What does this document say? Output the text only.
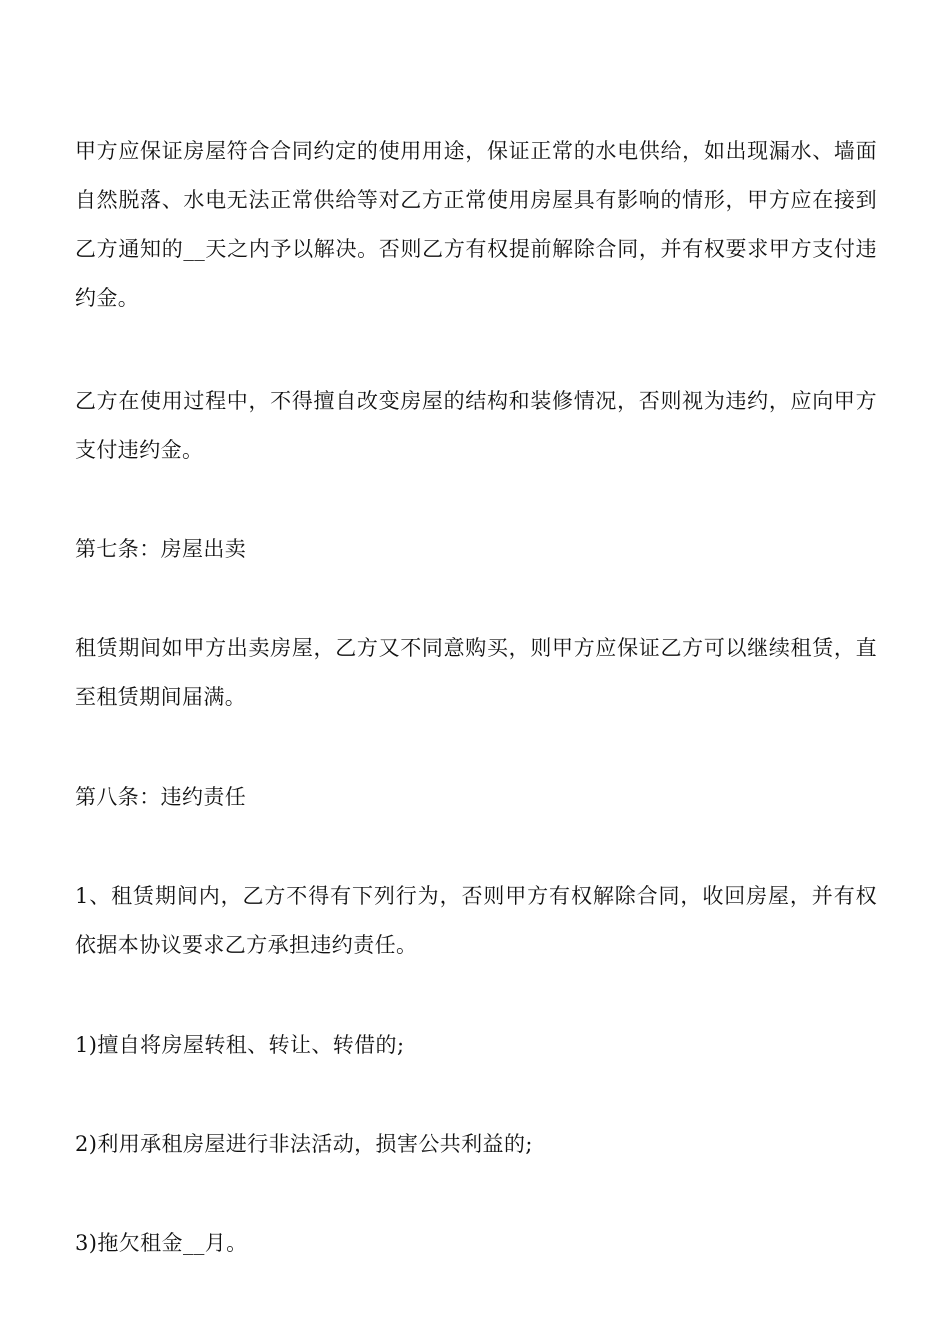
甲方应保证房屋符合合同约定的使用用途，保证正常的水电供给，如出现漏水、墙面自然脱落、水电无法正常供给等对乙方正常使用房屋具有影响的情形，甲方应在接到乙方通知的__天之内予以解决。否则乙方有权提前解除合同，并有权要求甲方支付违约金。

乙方在使用过程中，不得擅自改变房屋的结构和装修情况，否则视为违约，应向甲方支付违约金。

第七条：房屋出卖

租赁期间如甲方出卖房屋，乙方又不同意购买，则甲方应保证乙方可以继续租赁，直至租赁期间届满。

第八条：违约责任

1、租赁期间内，乙方不得有下列行为，否则甲方有权解除合同，收回房屋，并有权依据本协议要求乙方承担违约责任。

1)擅自将房屋转租、转让、转借的;

2)利用承租房屋进行非法活动，损害公共利益的;

3)拖欠租金__月。
